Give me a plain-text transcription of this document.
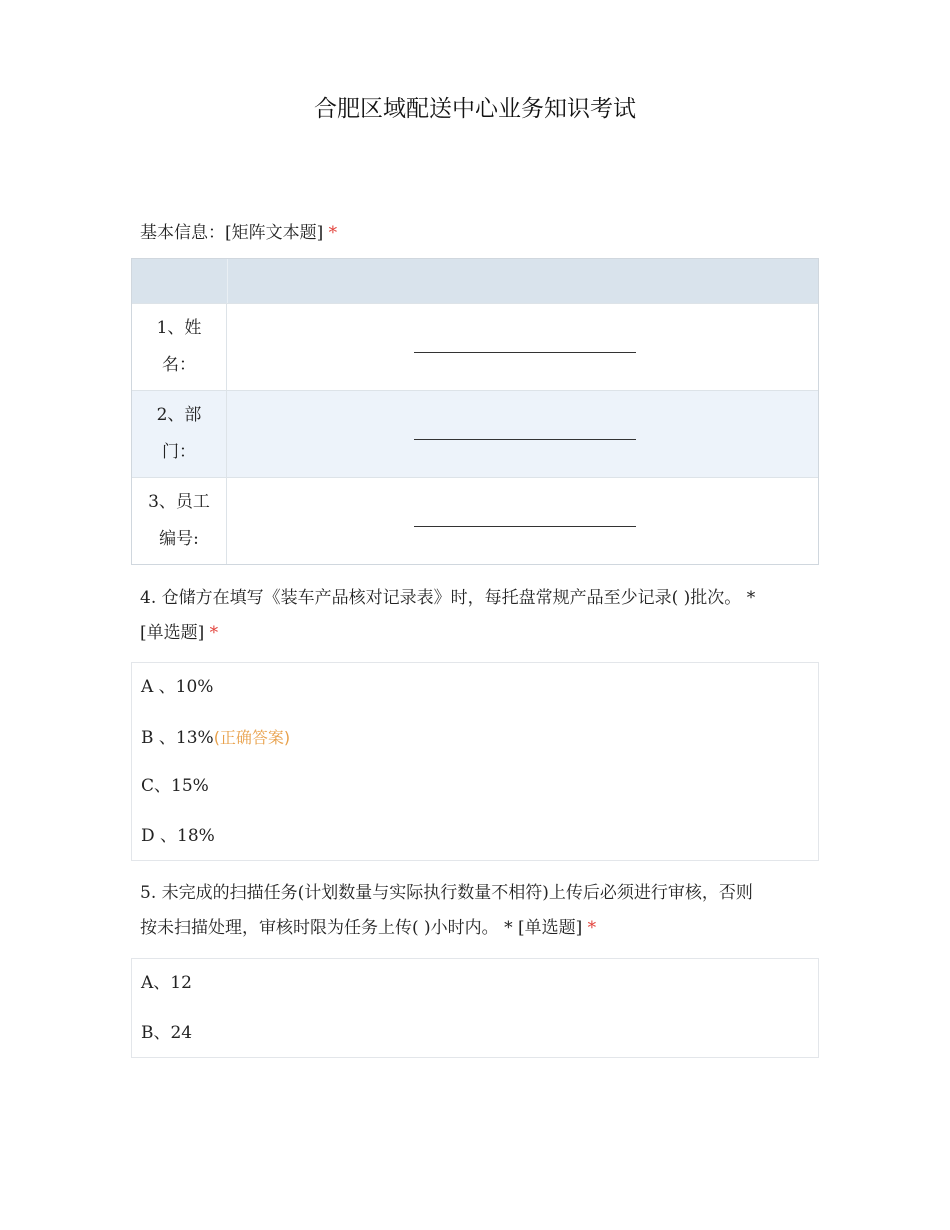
合肥区域配送中心业务知识考试
基本信息：[矩阵文本题] *
1、姓
名：
2、部
门：
3、员工
编号:
4. 仓储方在填写《装车产品核对记录表》时，每托盘常规产品至少记录( )批次。 *
[单选题] *
A 、10%
B 、13%(正确答案)
C、15%
D 、18%
5. 未完成的扫描任务(计划数量与实际执行数量不相符)上传后必须进行审核，否则
按未扫描处理，审核时限为任务上传( )小时内。 * [单选题] *
A、12
B、24
